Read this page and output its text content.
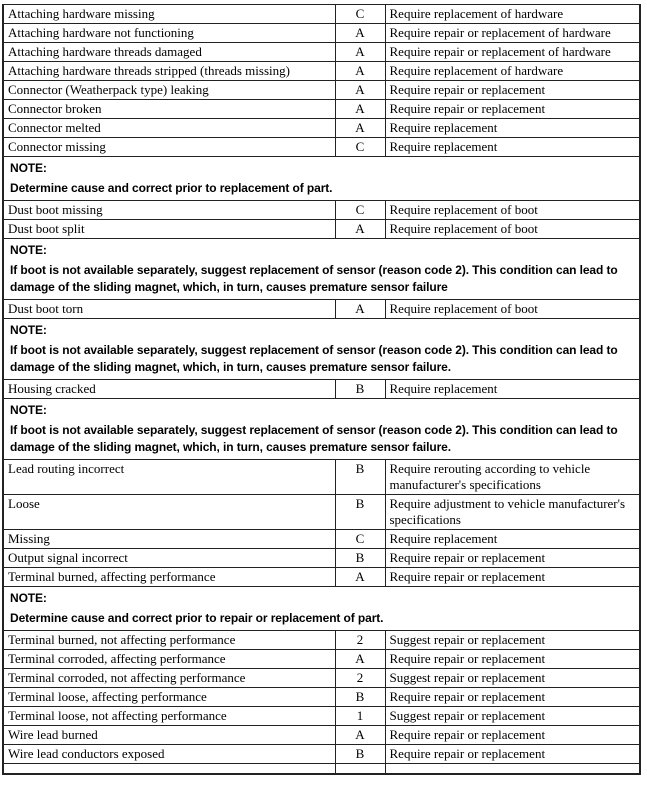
Attaching hardware missing	C	Require replacement of hardware
Attaching hardware not functioning	A	Require repair or replacement of hardware
Attaching hardware threads damaged	A	Require repair or replacement of hardware
Attaching hardware threads stripped (threads missing)	A	Require replacement of hardware
Connector (Weatherpack type) leaking	A	Require repair or replacement
Connector broken	A	Require repair or replacement
Connector melted	A	Require replacement
Connector missing	C	Require replacement

NOTE:
Determine cause and correct prior to replacement of part.		

Dust boot missing	C	Require replacement of boot
Dust boot split	A	Require replacement of boot

NOTE:
If boot is not available separately, suggest replacement of sensor (reason code 2). This condition can lead to damage of the sliding magnet, which, in turn, causes premature sensor failure		

Dust boot torn	A	Require replacement of boot

NOTE:
If boot is not available separately, suggest replacement of sensor (reason code 2). This condition can lead to damage of the sliding magnet, which, in turn, causes premature sensor failure.		

Housing cracked	B	Require replacement

NOTE:
If boot is not available separately, suggest replacement of sensor (reason code 2). This condition can lead to damage of the sliding magnet, which, in turn, causes premature sensor failure.		

Lead routing incorrect	B	Require rerouting according to vehicle manufacturer's specifications
Loose	B	Require adjustment to vehicle manufacturer's specifications
Missing	C	Require replacement
Output signal incorrect	B	Require repair or replacement
Terminal burned, affecting performance	A	Require repair or replacement

NOTE:
Determine cause and correct prior to repair or replacement of part.		

Terminal burned, not affecting performance	2	Suggest repair or replacement
Terminal corroded, affecting performance	A	Require repair or replacement
Terminal corroded, not affecting performance	2	Suggest repair or replacement
Terminal loose, affecting performance	B	Require repair or replacement
Terminal loose, not affecting performance	1	Suggest repair or replacement
Wire lead burned	A	Require repair or replacement
Wire lead conductors exposed	B	Require repair or replacement
